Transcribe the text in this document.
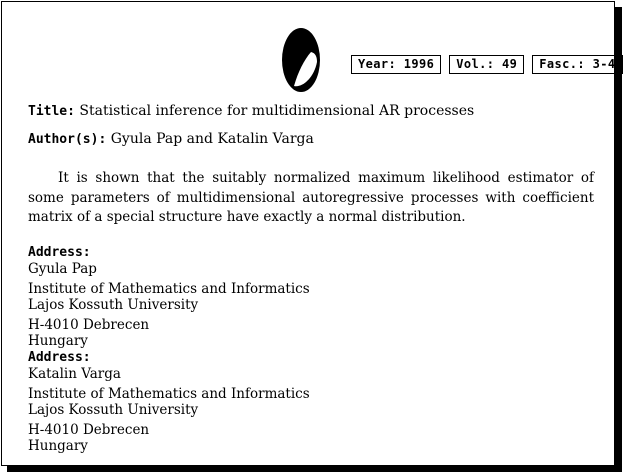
Year: 1996	Vol.: 49	Fasc.: 3-4
Title: Statistical inference for multidimensional AR processes
Author(s): Gyula Pap and Katalin Varga

It is shown that the suitably normalized maximum likelihood estimator of some parameters of multidimensional autoregressive processes with coefficient matrix of a special structure have exactly a normal distribution.

Address:
Gyula Pap
Institute of Mathematics and Informatics
Lajos Kossuth University
H-4010 Debrecen
Hungary
Address:
Katalin Varga
Institute of Mathematics and Informatics
Lajos Kossuth University
H-4010 Debrecen
Hungary
